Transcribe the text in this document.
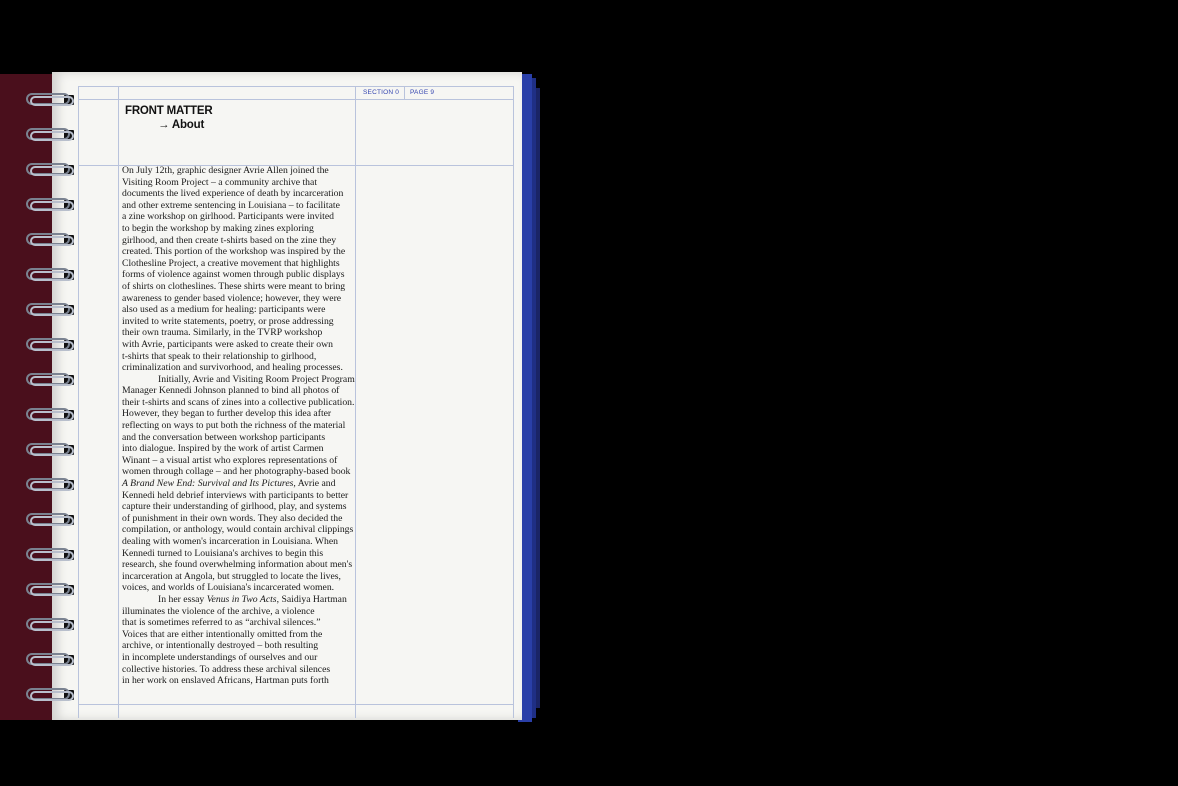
SECTION 0 PAGE 9
FRONT MATTER
→ About
On July 12th, graphic designer Avrie Allen joined the
Visiting Room Project – a community archive that
documents the lived experience of death by incarceration
and other extreme sentencing in Louisiana – to facilitate
a zine workshop on girlhood. Participants were invited
to begin the workshop by making zines exploring
girlhood, and then create t-shirts based on the zine they
created. This portion of the workshop was inspired by the
Clothesline Project, a creative movement that highlights
forms of violence against women through public displays
of shirts on clotheslines. These shirts were meant to bring
awareness to gender based violence; however, they were
also used as a medium for healing: participants were
invited to write statements, poetry, or prose addressing
their own trauma. Similarly, in the TVRP workshop
with Avrie, participants were asked to create their own
t-shirts that speak to their relationship to girlhood,
criminalization and survivorhood, and healing processes.
Initially, Avrie and Visiting Room Project Program
Manager Kennedi Johnson planned to bind all photos of
their t-shirts and scans of zines into a collective publication.
However, they began to further develop this idea after
reflecting on ways to put both the richness of the material
and the conversation between workshop participants
into dialogue. Inspired by the work of artist Carmen
Winant – a visual artist who explores representations of
women through collage – and her photography-based book
A Brand New End: Survival and Its Pictures, Avrie and
Kennedi held debrief interviews with participants to better
capture their understanding of girlhood, play, and systems
of punishment in their own words. They also decided the
compilation, or anthology, would contain archival clippings
dealing with women's incarceration in Louisiana. When
Kennedi turned to Louisiana's archives to begin this
research, she found overwhelming information about men's
incarceration at Angola, but struggled to locate the lives,
voices, and worlds of Louisiana's incarcerated women.
In her essay Venus in Two Acts, Saidiya Hartman
illuminates the violence of the archive, a violence
that is sometimes referred to as “archival silences.”
Voices that are either intentionally omitted from the
archive, or intentionally destroyed – both resulting
in incomplete understandings of ourselves and our
collective histories. To address these archival silences
in her work on enslaved Africans, Hartman puts forth
